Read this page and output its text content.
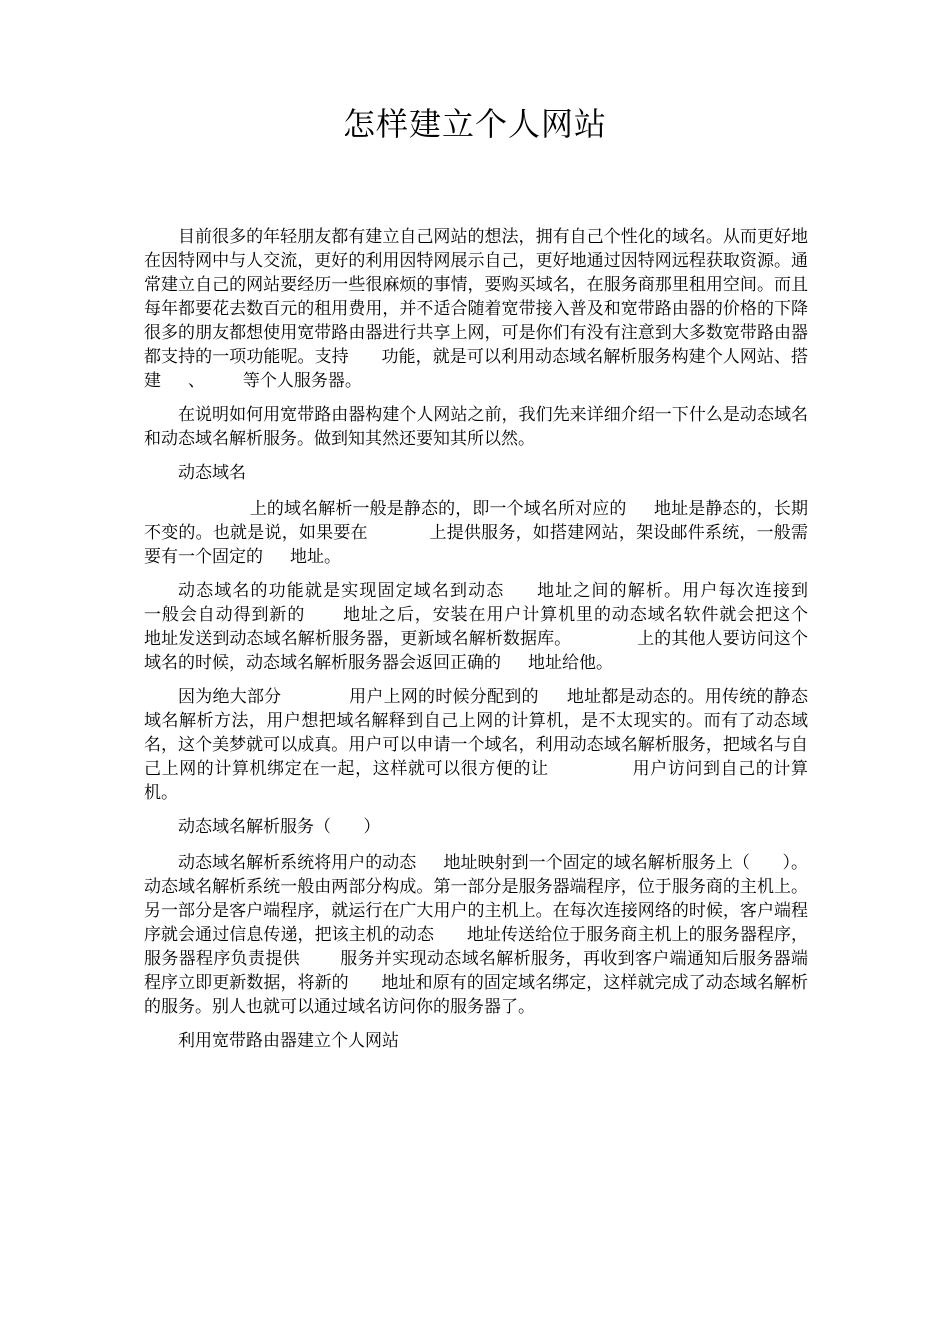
怎样建立个人网站

目前很多的年轻朋友都有建立自己网站的想法，拥有自己个性化的域名。从而更好地在因特网中与人交流，更好的利用因特网展示自己，更好地通过因特网远程获取资源。通常建立自己的网站要经历一些很麻烦的事情，要购买域名，在服务商那里租用空间。而且每年都要花去数百元的租用费用，并不适合随着宽带接入普及和宽带路由器的价格的下降很多的朋友都想使用宽带路由器进行共享上网，可是你们有没有注意到大多数宽带路由器都支持的一项功能呢。支持      功能，就是可以利用动态域名解析服务构建个人网站、搭建     、       等个人服务器。

在说明如何用宽带路由器构建个人网站之前，我们先来详细介绍一下什么是动态域名和动态域名解析服务。做到知其然还要知其所以然。

动态域名

上的域名解析一般是静态的，即一个域名所对应的     地址是静态的，长期不变的。也就是说，如果要在           上提供服务，如搭建网站，架设邮件系统，一般需要有一个固定的     地址。

动态域名的功能就是实现固定域名到动态     地址之间的解析。用户每次连接到             一般会自动得到新的      地址之后，安装在用户计算机里的动态域名软件就会把这个      地址发送到动态域名解析服务器，更新域名解析数据库。            上的其他人要访问这个域名的时候，动态域名解析服务器会返回正确的     地址给他。

因为绝大部分            用户上网的时候分配到的     地址都是动态的。用传统的静态域名解析方法，用户想把域名解释到自己上网的计算机，是不太现实的。而有了动态域名，这个美梦就可以成真。用户可以申请一个域名，利用动态域名解析服务，把域名与自己上网的计算机绑定在一起，这样就可以很方便的让              用户访问到自己的计算机。

动态域名解析服务（      ）

动态域名解析系统将用户的动态     地址映射到一个固定的域名解析服务上（      ）。动态域名解析系统一般由两部分构成。第一部分是服务器端程序，位于服务商的主机上。另一部分是客户端程序，就运行在广大用户的主机上。在每次连接网络的时候，客户端程序就会通过信息传递，把该主机的动态      地址传送给位于服务商主机上的服务器程序，服务器程序负责提供       服务并实现动态域名解析服务，再收到客户端通知后服务器端程序立即更新数据，将新的      地址和原有的固定域名绑定，这样就完成了动态域名解析的服务。别人也就可以通过域名访问你的服务器了。

利用宽带路由器建立个人网站
